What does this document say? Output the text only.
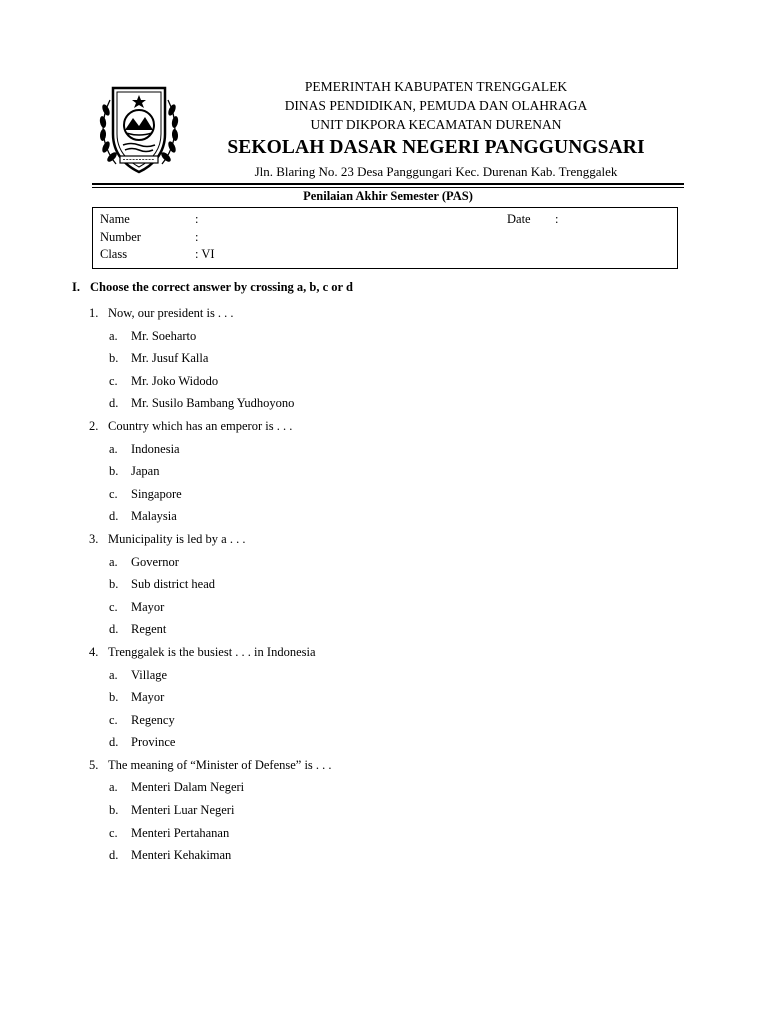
PEMERINTAH KABUPATEN TRENGGALEK
DINAS PENDIDIKAN, PEMUDA DAN OLAHRAGA
UNIT DIKPORA KECAMATAN DURENAN
SEKOLAH DASAR NEGERI PANGGUNGSARI
Jln. Blaring No. 23 Desa Panggungari Kec. Durenan Kab. Trenggalek
Penilaian Akhir Semester (PAS)
Name	:
Number	:
Class	: VI
Date :
I. Choose the correct answer by crossing a, b, c or d
1. Now, our president is . . .
a. Mr. Soeharto
b. Mr. Jusuf Kalla
c. Mr. Joko Widodo
d. Mr. Susilo Bambang Yudhoyono
2. Country which has an emperor is . . .
a. Indonesia
b. Japan
c. Singapore
d. Malaysia
3. Municipality is led by a . . .
a. Governor
b. Sub district head
c. Mayor
d. Regent
4. Trenggalek is the busiest . . . in Indonesia
a. Village
b. Mayor
c. Regency
d. Province
5. The meaning of “Minister of Defense” is . . .
a. Menteri Dalam Negeri
b. Menteri Luar Negeri
c. Menteri Pertahanan
d. Menteri Kehakiman
